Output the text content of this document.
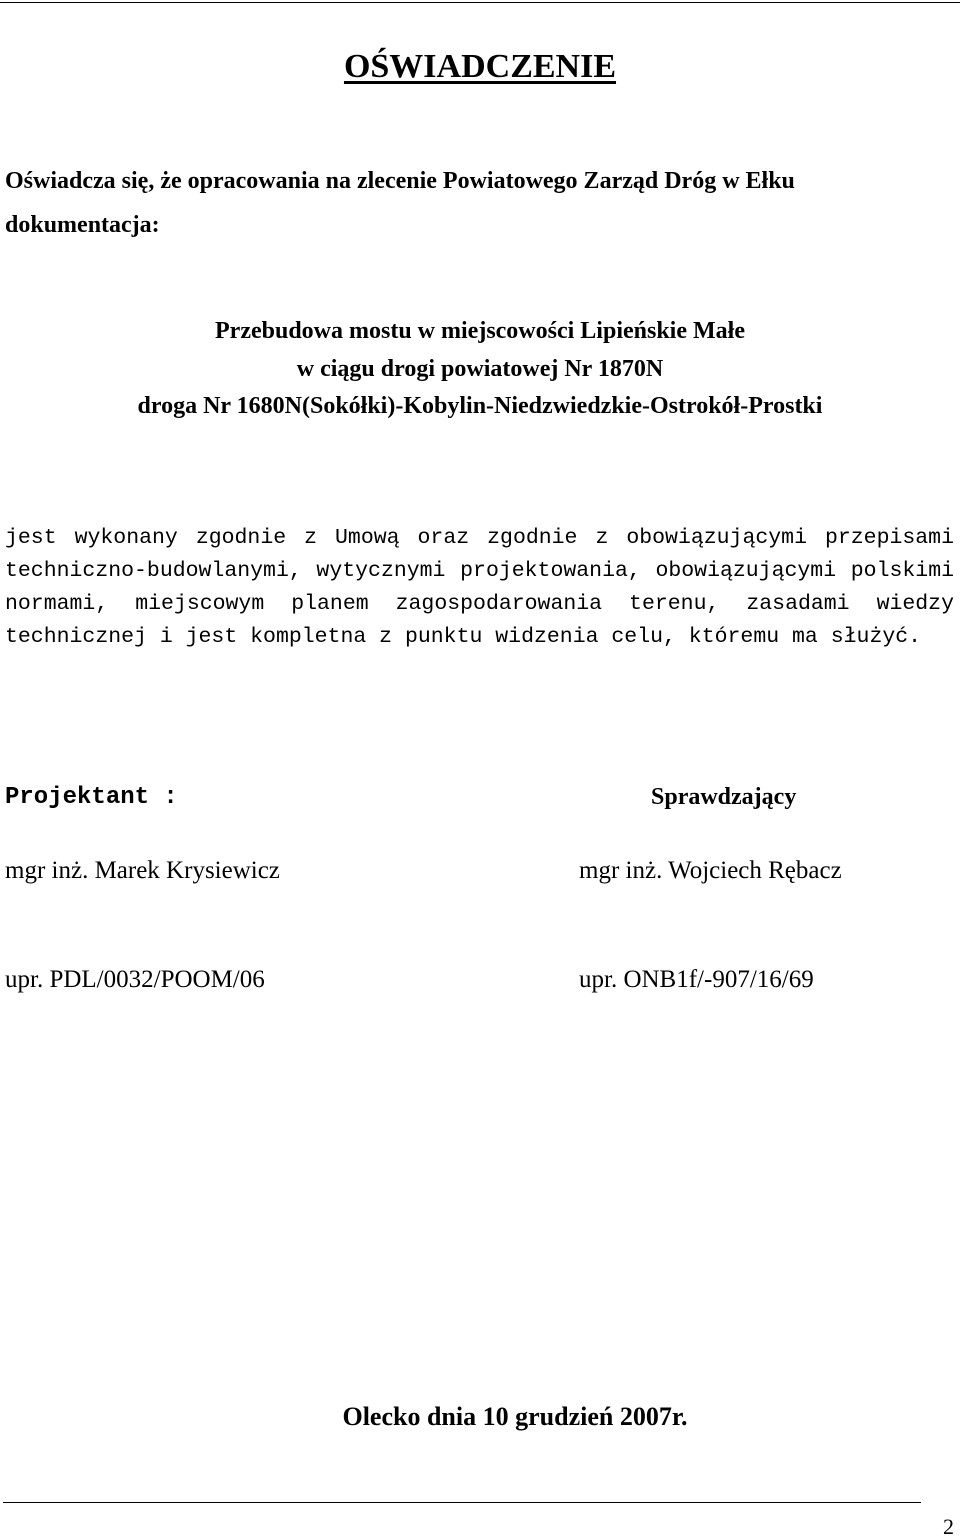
OŚWIADCZENIE
Oświadcza się, że opracowania na zlecenie Powiatowego Zarząd Dróg w Ełku
dokumentacja:
Przebudowa mostu w miejscowości Lipieńskie Małe
w ciągu drogi powiatowej Nr 1870N
droga Nr 1680N(Sokółki)-Kobylin-Niedzwiedzkie-Ostrokół-Prostki
jest wykonany zgodnie z Umową oraz zgodnie z obowiązującymi przepisami
techniczno-budowlanymi, wytycznymi projektowania, obowiązującymi polskimi
normami, miejscowym planem zagospodarowania terenu, zasadami wiedzy
technicznej i jest kompletna z punktu widzenia celu, któremu ma służyć.
Projektant :	Sprawdzający
mgr inż. Marek Krysiewicz	mgr inż. Wojciech Rębacz
upr. PDL/0032/POOM/06	upr. ONB1f/-907/16/69
Olecko dnia 10 grudzień 2007r.
2
